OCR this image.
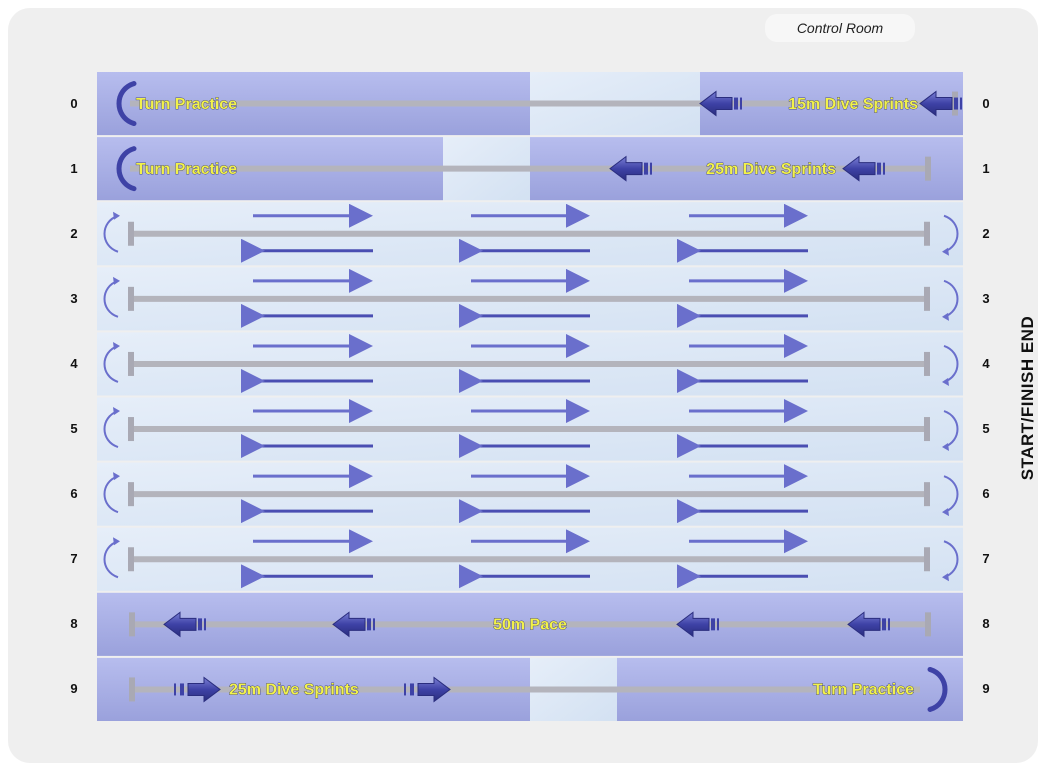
Control Room
Turn Practice	15m Dive Sprints
Turn Practice	25m Dive Sprints
50m Pace
25m Dive Sprints	Turn Practice
0	0
1	1
2	2
3	3
4	4
5	5
6	6
7	7
8	8
9	9
START/FINISH END
